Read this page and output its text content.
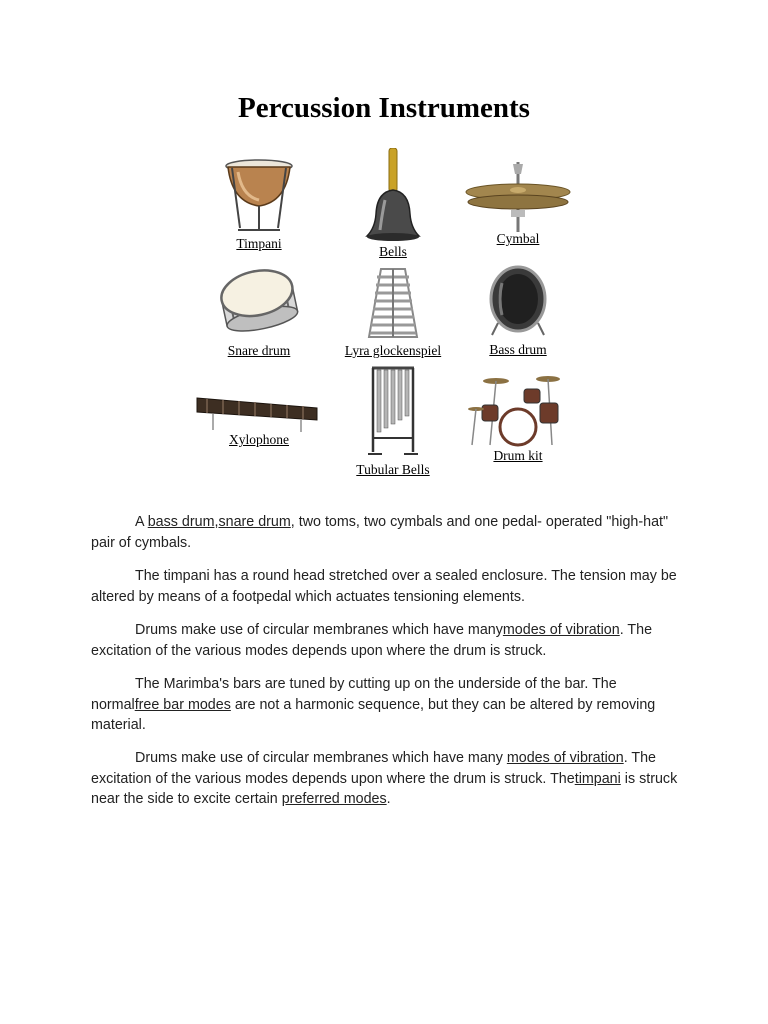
Percussion Instruments
Timpani
Bells
Cymbal
Snare drum	Lyra glockenspiel	Bass drum
Xylophone
Tubular Bells
Drum kit

A bass drum,snare drum, two toms, two cymbals and one pedal- operated "high-hat" pair of cymbals.

The timpani has a round head stretched over a sealed enclosure. The tension may be altered by means of a footpedal which actuates tensioning elements.

Drums make use of circular membranes which have manymodes of vibration. The excitation of the various modes depends upon where the drum is struck.

The Marimba's bars are tuned by cutting up on the underside of the bar. The normalfree bar modes are not a harmonic sequence, but they can be altered by removing material.

Drums make use of circular membranes which have many modes of vibration. The excitation of the various modes depends upon where the drum is struck. Thetimpani is struck near the side to excite certain preferred modes.
